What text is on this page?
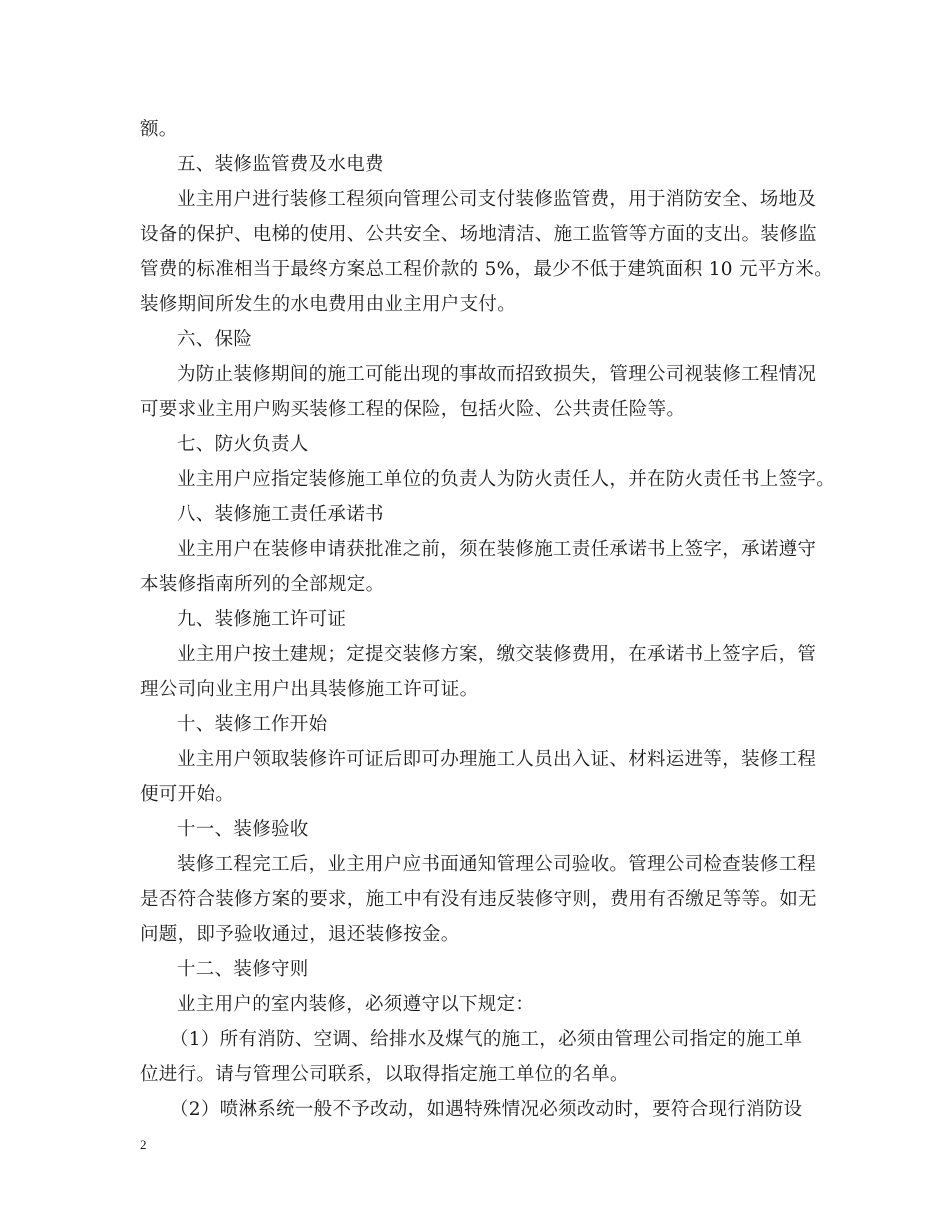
额。
五、装修监管费及水电费
业主用户进行装修工程须向管理公司支付装修监管费，用于消防安全、场地及
设备的保护、电梯的使用、公共安全、场地清洁、施工监管等方面的支出。装修监
管费的标准相当于最终方案总工程价款的 5%，最少不低于建筑面积 10 元平方米。
装修期间所发生的水电费用由业主用户支付。
六、保险
为防止装修期间的施工可能出现的事故而招致损失，管理公司视装修工程情况
可要求业主用户购买装修工程的保险，包括火险、公共责任险等。
七、防火负责人
业主用户应指定装修施工单位的负责人为防火责任人，并在防火责任书上签字。
八、装修施工责任承诺书
业主用户在装修申请获批准之前，须在装修施工责任承诺书上签字，承诺遵守
本装修指南所列的全部规定。
九、装修施工许可证
业主用户按土建规；定提交装修方案，缴交装修费用，在承诺书上签字后，管
理公司向业主用户出具装修施工许可证。
十、装修工作开始
业主用户领取装修许可证后即可办理施工人员出入证、材料运进等，装修工程
便可开始。
十一、装修验收
装修工程完工后，业主用户应书面通知管理公司验收。管理公司检查装修工程
是否符合装修方案的要求，施工中有没有违反装修守则，费用有否缴足等等。如无
问题，即予验收通过，退还装修按金。
十二、装修守则
业主用户的室内装修，必须遵守以下规定：
（1）所有消防、空调、给排水及煤气的施工，必须由管理公司指定的施工单
位进行。请与管理公司联系，以取得指定施工单位的名单。
（2）喷淋系统一般不予改动，如遇特殊情况必须改动时，要符合现行消防设
2
